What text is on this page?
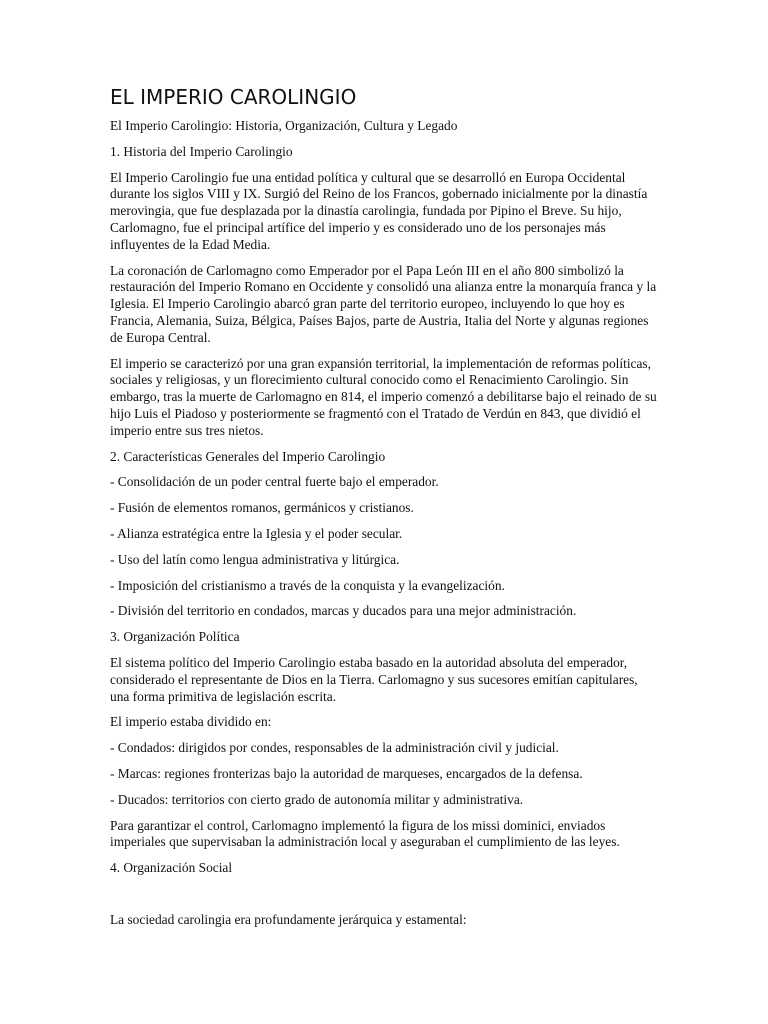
EL IMPERIO CAROLINGIO

El Imperio Carolingio: Historia, Organización, Cultura y Legado

1. Historia del Imperio Carolingio

El Imperio Carolingio fue una entidad política y cultural que se desarrolló en Europa Occidental durante los siglos VIII y IX. Surgió del Reino de los Francos, gobernado inicialmente por la dinastía merovingia, que fue desplazada por la dinastía carolingia, fundada por Pipino el Breve. Su hijo, Carlomagno, fue el principal artífice del imperio y es considerado uno de los personajes más influyentes de la Edad Media.

La coronación de Carlomagno como Emperador por el Papa León III en el año 800 simbolizó la restauración del Imperio Romano en Occidente y consolidó una alianza entre la monarquía franca y la Iglesia. El Imperio Carolingio abarcó gran parte del territorio europeo, incluyendo lo que hoy es Francia, Alemania, Suiza, Bélgica, Países Bajos, parte de Austria, Italia del Norte y algunas regiones de Europa Central.

El imperio se caracterizó por una gran expansión territorial, la implementación de reformas políticas, sociales y religiosas, y un florecimiento cultural conocido como el Renacimiento Carolingio. Sin embargo, tras la muerte de Carlomagno en 814, el imperio comenzó a debilitarse bajo el reinado de su hijo Luis el Piadoso y posteriormente se fragmentó con el Tratado de Verdún en 843, que dividió el imperio entre sus tres nietos.

2. Características Generales del Imperio Carolingio

- Consolidación de un poder central fuerte bajo el emperador.

- Fusión de elementos romanos, germánicos y cristianos.

- Alianza estratégica entre la Iglesia y el poder secular.

- Uso del latín como lengua administrativa y litúrgica.

- Imposición del cristianismo a través de la conquista y la evangelización.

- División del territorio en condados, marcas y ducados para una mejor administración.

3. Organización Política

El sistema político del Imperio Carolingio estaba basado en la autoridad absoluta del emperador, considerado el representante de Dios en la Tierra. Carlomagno y sus sucesores emitían capitulares, una forma primitiva de legislación escrita.

El imperio estaba dividido en:

- Condados: dirigidos por condes, responsables de la administración civil y judicial.

- Marcas: regiones fronterizas bajo la autoridad de marqueses, encargados de la defensa.

- Ducados: territorios con cierto grado de autonomía militar y administrativa.

Para garantizar el control, Carlomagno implementó la figura de los missi dominici, enviados imperiales que supervisaban la administración local y aseguraban el cumplimiento de las leyes.

4. Organización Social

La sociedad carolingia era profundamente jerárquica y estamental:
